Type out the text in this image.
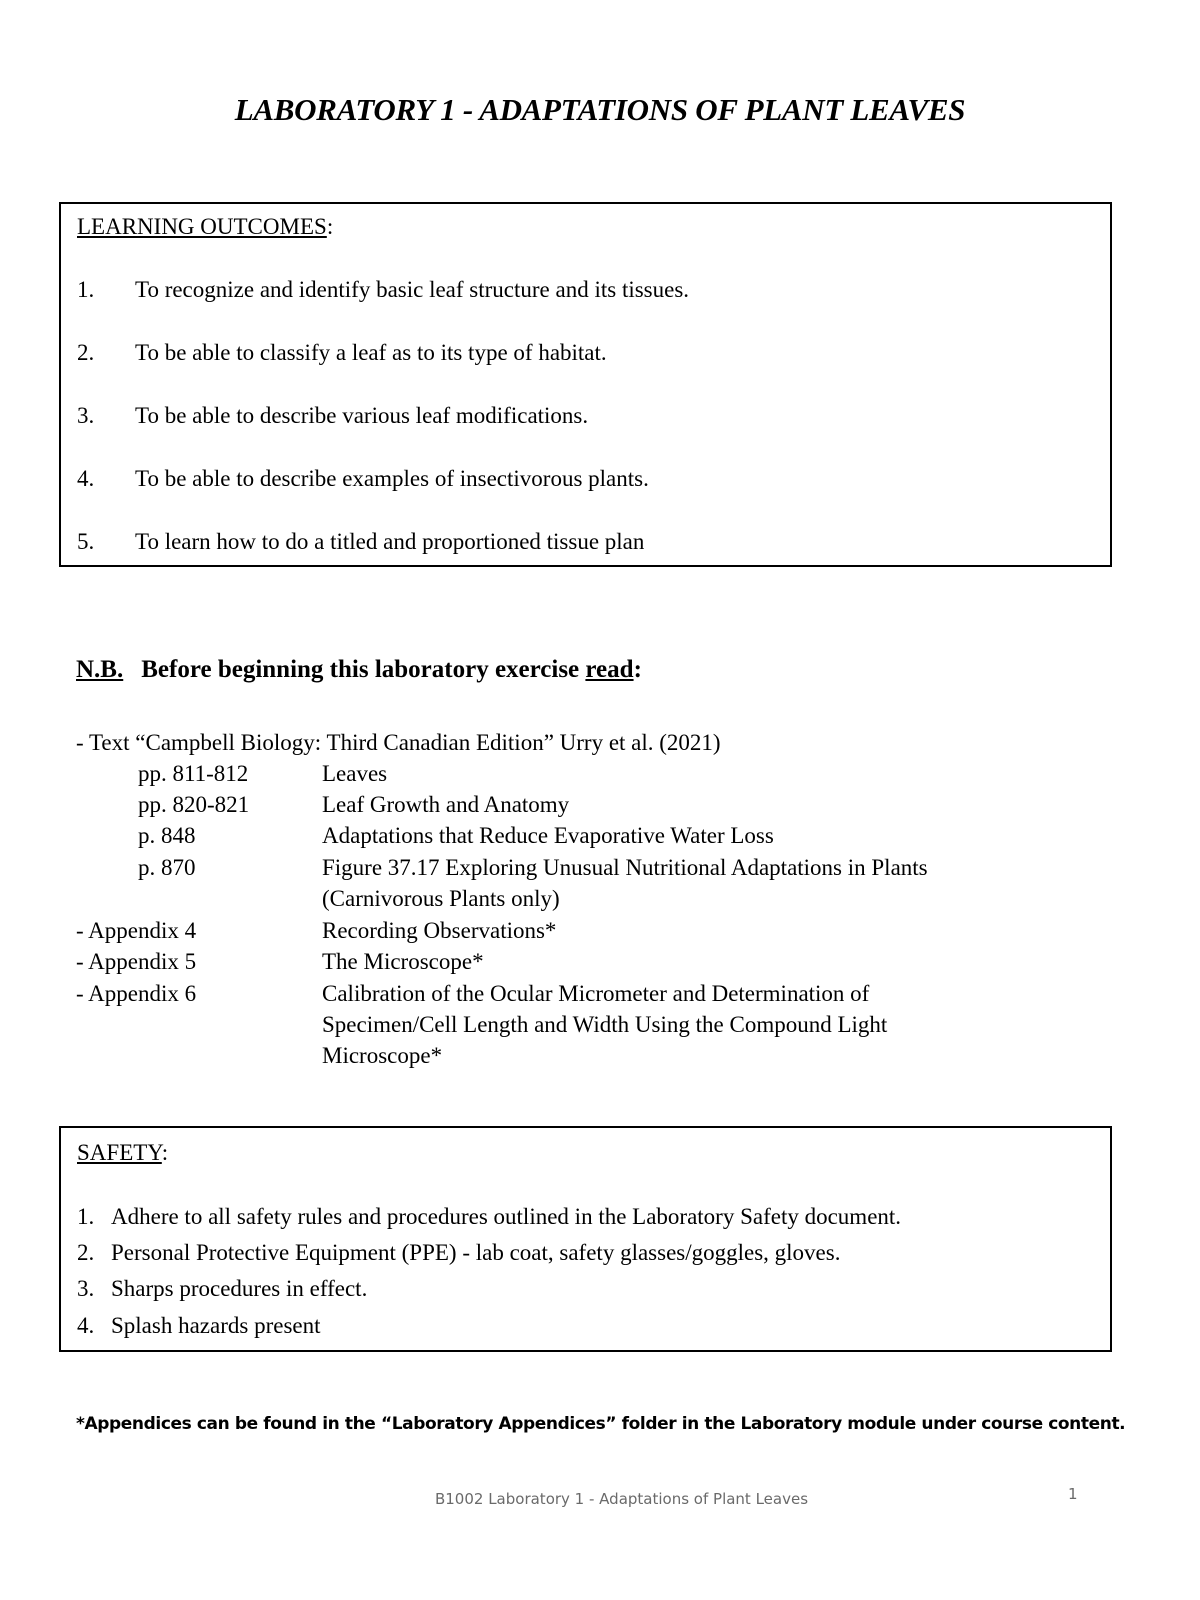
LABORATORY 1 - ADAPTATIONS OF PLANT LEAVES
LEARNING OUTCOMES:
1. To recognize and identify basic leaf structure and its tissues.
2. To be able to classify a leaf as to its type of habitat.
3. To be able to describe various leaf modifications.
4. To be able to describe examples of insectivorous plants.
5. To learn how to do a titled and proportioned tissue plan
N.B. Before beginning this laboratory exercise read:
- Text “Campbell Biology: Third Canadian Edition” Urry et al. (2021)
pp. 811-812	Leaves
pp. 820-821	Leaf Growth and Anatomy
p. 848	Adaptations that Reduce Evaporative Water Loss
p. 870	Figure 37.17 Exploring Unusual Nutritional Adaptations in Plants
(Carnivorous Plants only)
- Appendix 4	Recording Observations*
- Appendix 5	The Microscope*
- Appendix 6	Calibration of the Ocular Micrometer and Determination of
Specimen/Cell Length and Width Using the Compound Light
Microscope*
SAFETY:
1. Adhere to all safety rules and procedures outlined in the Laboratory Safety document.
2. Personal Protective Equipment (PPE) - lab coat, safety glasses/goggles, gloves.
3. Sharps procedures in effect.
4. Splash hazards present
*Appendices can be found in the “Laboratory Appendices” folder in the Laboratory module under course content.
B1002 Laboratory 1 - Adaptations of Plant Leaves	1
